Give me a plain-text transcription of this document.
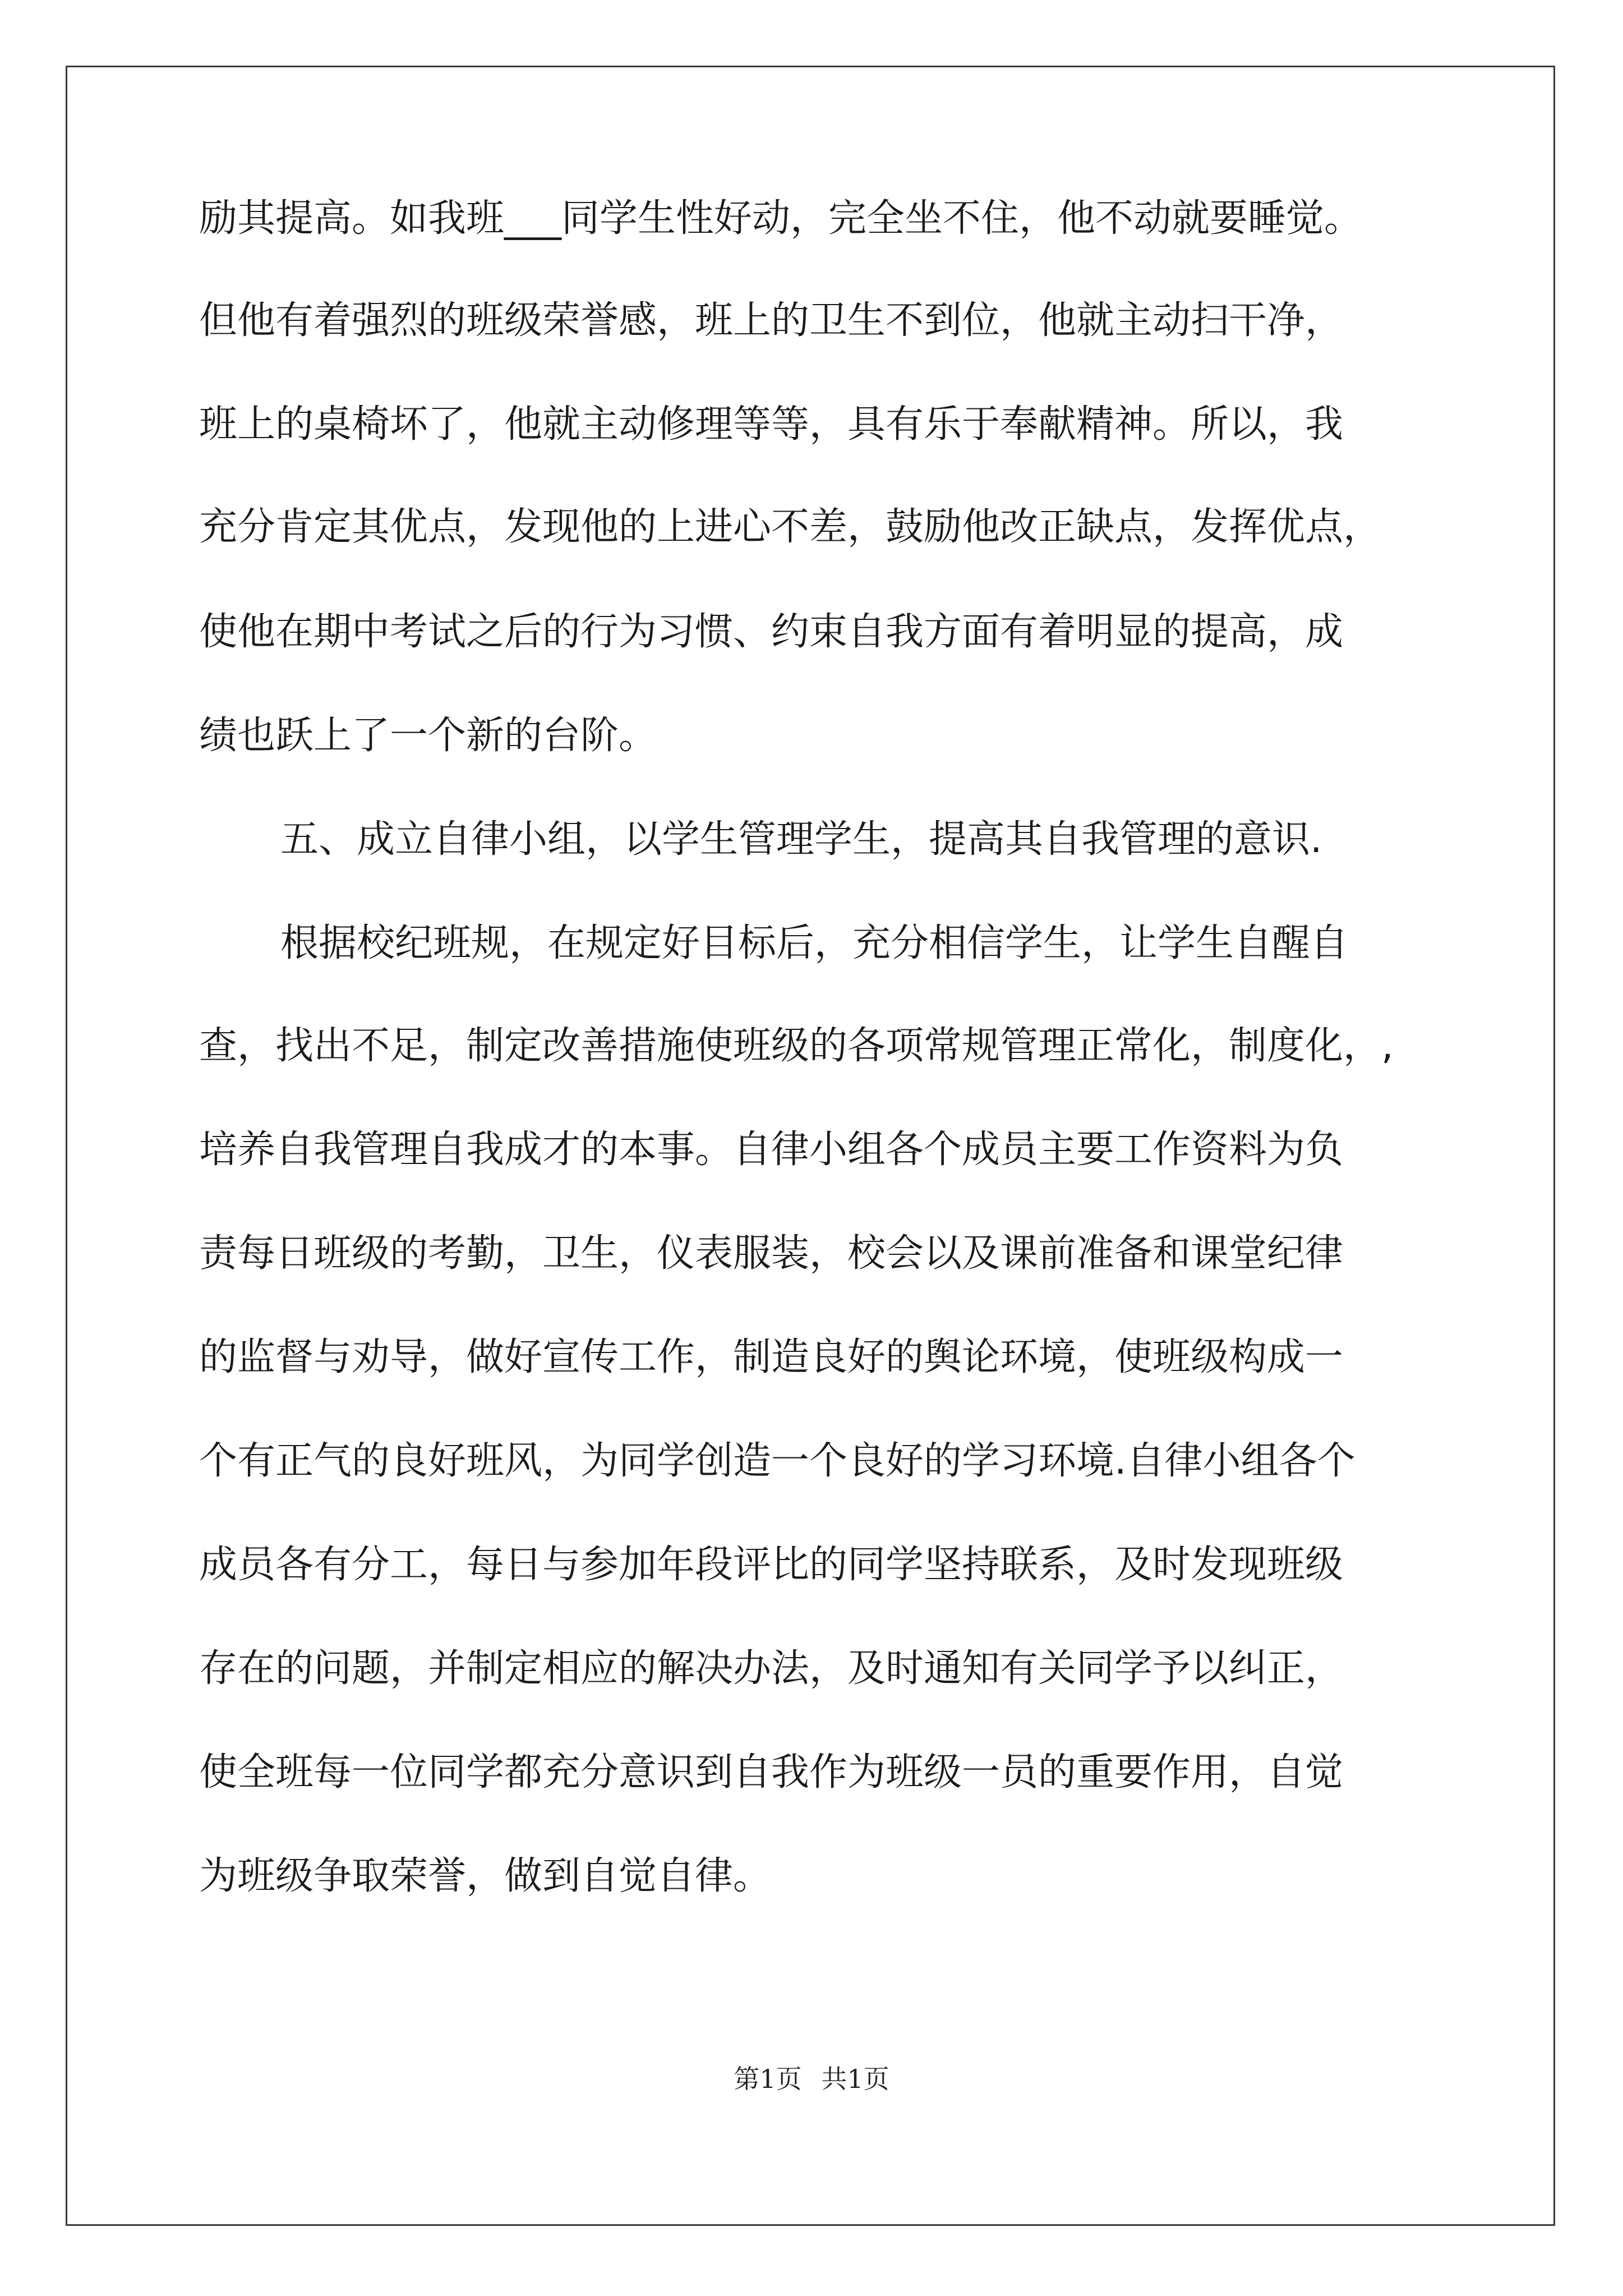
励其提高。如我班___同学生性好动，完全坐不住，他不动就要睡觉。
但他有着强烈的班级荣誉感，班上的卫生不到位，他就主动扫干净，
班上的桌椅坏了，他就主动修理等等，具有乐于奉献精神。所以，我
充分肯定其优点，发现他的上进心不差，鼓励他改正缺点，发挥优点，
使他在期中考试之后的行为习惯、约束自我方面有着明显的提高，成
绩也跃上了一个新的台阶。
五、成立自律小组，以学生管理学生，提高其自我管理的意识.
根据校纪班规，在规定好目标后，充分相信学生，让学生自醒自
查，找出不足，制定改善措施使班级的各项常规管理正常化，制度化，,
培养自我管理自我成才的本事。自律小组各个成员主要工作资料为负
责每日班级的考勤，卫生，仪表服装，校会以及课前准备和课堂纪律
的监督与劝导，做好宣传工作，制造良好的舆论环境，使班级构成一
个有正气的良好班风，为同学创造一个良好的学习环境.自律小组各个
成员各有分工，每日与参加年段评比的同学坚持联系，及时发现班级
存在的问题，并制定相应的解决办法，及时通知有关同学予以纠正，
使全班每一位同学都充分意识到自我作为班级一员的重要作用，自觉
为班级争取荣誉，做到自觉自律。
第1页 共1页
